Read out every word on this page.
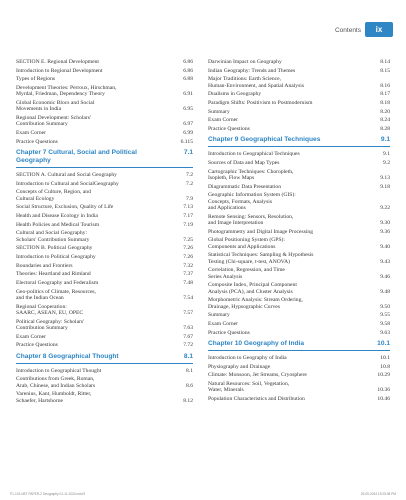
Contents	ix
SECTION E. Regional Development	6.86
Introduction to Regional Development	6.86
Types of Regions	6.88
Development Theories: Perroux, Hirschman,
Myrdal, Friedman, Dependency Theory	6.91
Global Economic Blocs and Social
Movements in India	6.95
Regional Development: Scholars'
Contribution Summary	6.97
Exam Corner	6.99
Practice Questions	6.115
Chapter 7 Cultural, Social and Political
Geography
7.1
SECTION A. Cultural and Social Geography	7.2
Introduction to Cultural and SocialGeography	7.2
Concepts of Culture, Region, and
Cultural Ecology	7.9
Social Structure, Exclusion, Quality of Life	7.13
Health and Disease Ecology in India	7.17
Health Policies and Medical Tourism	7.19
Cultural and Social Geography:
Scholars' Contribution Summary	7.25
SECTION B. Political Geography	7.26
Introduction to Political Geography	7.26
Boundaries and Frontiers	7.32
Theories: Heartland and Rimland	7.37
Electoral Geography and Federalism	7.48
Geo-politics of Climate, Resources,
and the Indian Ocean	7.54
Regional Cooperation:
SAARC, ASEAN, EU, OPEC	7.57
Political Geography: Scholars'
Contribution Summary	7.63
Exam Corner	7.67
Practice Questions	7.72
Chapter 8 Geographical Thought	8.1
Introduction to Geographical Thought	8.1
Contributions from Greek, Roman,
Arab, Chinese, and Indian Scholars	8.6
Varenius, Kant, Humboldt, Ritter,
Schaefer, Hartshorne	8.12
Darwinian Impact on Geography	8.14
Indian Geography: Trends and Themes	8.15
Major Traditions: Earth Science,
Human-Environment, and Spatial Analysis	8.16
Dualisms in Geography	8.17
Paradigm Shifts: Positivism to Postmodernism	8.18
Summary	8.20
Exam Corner	8.24
Practice Questions	8.28
Chapter 9 Geographical Techniques	9.1
Introduction to Geographical Techniques	9.1
Sources of Data and Map Types	9.2
Cartographic Techniques: Choropleth,
Isopleth, Flow Maps	9.13
Diagrammatic Data Presentation	9.18
Geographic Information System (GIS):
Concepts, Formats, Analysis
and Applications	9.22
Remote Sensing: Sensors, Resolution,
and Image Interpretation	9.30
Photogrammetry and Digital Image Processing	9.36
Global Positioning System (GPS):
Components and Applications	9.40
Statistical Techniques: Sampling & Hypothesis
Testing (Chi-square, t-test, ANOVA)	9.43
Correlation, Regression, and Time
Series Analysis	9.46
Composite Index, Principal Component
Analysis (PCA), and Cluster Analysis	9.48
Morphometric Analysis: Stream Ordering,
Drainage, Hypsographic Curves	9.50
Summary	9.55
Exam Corner	9.58
Practice Questions	9.63
Chapter 10 Geography of India	10.1
Introduction to Geography of India	10.1
Physiography and Drainage	10.8
Climate: Monsoon, Jet Streams, Cryosphere	10.29
Natural Resources: Soil, Vegetation,
Water, Minerals	10.36
Population Characteristics and Distribution	10.46
P1-102-NET PAPER-2 Geography 01-11-2024.indd 9	29-05-2024 15:25:08 PM
